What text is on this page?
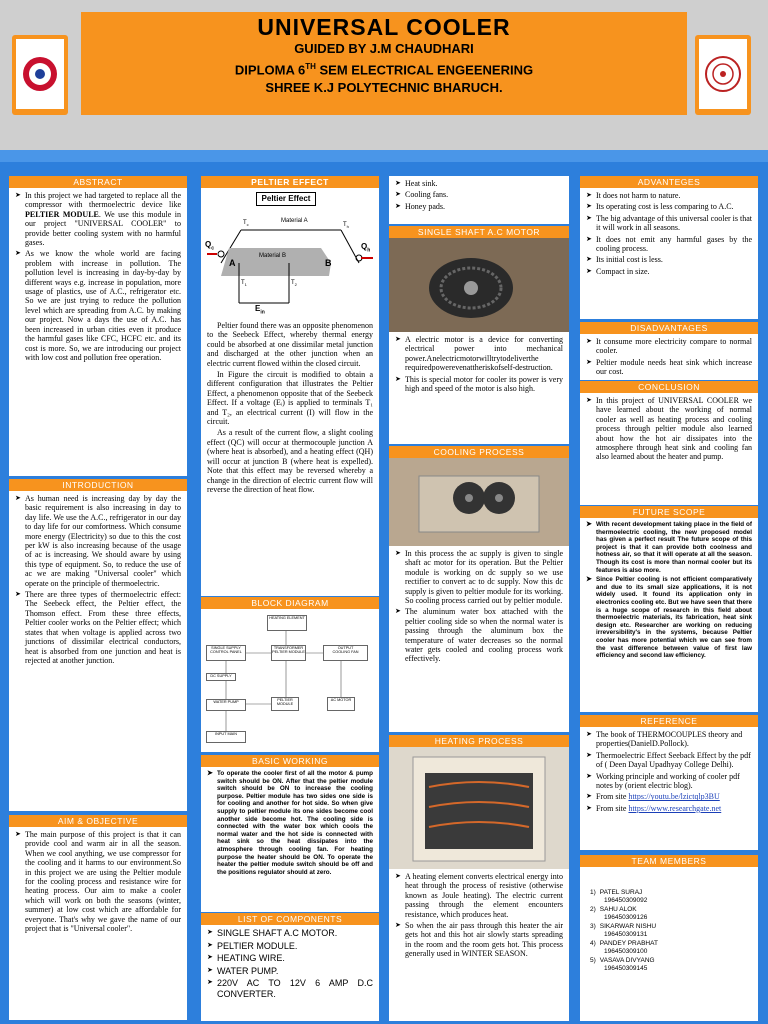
UNIVERSAL COOLER
GUIDED BY J.M CHAUDHARI
DIPLOMA 6TH SEM ELECTRICAL ENGEENERING
SHREE K.J POLYTECHNIC BHARUCH.
ABSTRACT
➤ In this project we had targeted to replace all the compressor with thermoelectric device like PELTIER MODULE. We use this module in our project "UNIVERSAL COOLER" to provide better cooling system with no harmful gases.
➤ As we know the whole world are facing problem with increase in pollution. The pollution level is increasing in day-by-day by different ways e.g. increase in population, more usage of plastics, use of A.C., refrigerator etc. So we are just trying to reduce the pollution level which are spreading from A.C. by making our project. Now a days the use of A.C. has been increased in urban cities even it produce the harmful gases like CFC, HCFC etc. and its cost is more. So, we are introducing our project with low cost and pollution free operation.
INTRODUCTION
➤ As human need is increasing day by day the basic requirement is also increasing in day to day life. We use the A.C., refrigerator in our day to day life for our comfortness. Which consume more energy (Electricity) so due to this the cost per kW is also increasing because of the usage of ac is increasing. We should aware by using this type of equipment. So, to reduce the use of ac we are making "Universal cooler" which operate on the principle of thermoelectric.
➤ There are three types of thermoelectric effect: The Seebeck effect, the Peltier effect, the Thomson effect. From these three effects, Peltier cooler works on the Peltier effect; which states that when voltage is applied across two junctions of dissimilar electrical conductors, heat is absorbed from one junction and heat is rejected at another junction.
AIM & OBJECTIVE
➤ The main purpose of this project is that it can provide cool and warm air in all the season. When we cool anything, we use compressor for the cooling and it harms to our environment.So in this project we are using the Peltier module for the cooling process and resistance wire for heating process. Our aim to make a cooler which will work on both the seasons (winter, summer) at low cost which are affordable for everyone. That's why we gave the name of our project that is "Universal cooler".
PELTIER EFFECT
Peltier Effect
Material A
Material B
$Q_c$	$Q_h$
$T_c$	$T_h$
A	B
$T_1$	$T_2$
$E_{in}$

Peltier found there was an opposite phenomenon to the Seebeck Effect, whereby thermal energy could be absorbed at one dissimilar metal junction and discharged at the other junction when an electric current flowed within the closed circuit.

In Figure the circuit is modified to obtain a different configuration that illustrates the Peltier Effect, a phenomenon opposite that of the Seebeck Effect. If a voltage (Eᵢ) is applied to terminals T₁ and T₂, an electrical current (I) will flow in the circuit.

As a result of the current flow, a slight cooling effect (QC) will occur at thermocouple junction A (where heat is absorbed), and a heating effect (QH) will occur at junction B (where heat is expelled). Note that this effect may be reversed whereby a change in the direction of electric current flow will reverse the direction of heat flow.

BLOCK DIAGRAM
HEATING ELEMENT
SINGLE SUPPLY CONTROL PANEL
TRANSFORMER
PELTIER MODULE
OUTPUT
COOLING FAN
DC SUPPLY
WATER PUMP	PELTIER MODULE
AC MOTOR
INPUT MAIN
BASIC WORKING
➤ To operate the cooler first of all the motor & pump switch should be ON. After that the peltier module switch should be ON to increase the cooling purpose. Peltier module has two sides one side is for cooling and another for hot side. So when give supply to peltier module its one sides become cool another side become hot. The cooling side is connected with the water box which cools the normal water and the hot side is connected with heat sink so the heat dissipates into the atmosphere through cooling fan. For heating purpose the heater should be ON. To operate the heater the peltier module switch should be off and the positions regulator should at zero.
LIST OF COMPONENTS
➤ SINGLE SHAFT A.C MOTOR.
➤ PELTIER MODULE.
➤ HEATING WIRE.
➤ WATER PUMP.
➤ 220V AC TO 12V 6 AMP D.C CONVERTER.
➤ Heat sink.
➤ Cooling fans.
➤ Honey pads.
SINGLE SHAFT A.C MOTOR
➤ A electric motor is a device for converting electrical power into mechanical power.Anelectricmotorwilltrytodeliverthe requiredpowerevenattheriskofself-destruction.
➤ This is special motor for cooler its power is very high and speed of the motor is also high.
COOLING PROCESS
➤ In this process the ac supply is given to single shaft ac motor for its operation. But the Peltier module is working on dc supply so we use rectifier to convert ac to dc supply. Now this dc supply is given to peltier module for its working. So cooling process carried out by peltier module.
➤ The aluminum water box attached with the peltier cooling side so when the normal water is passing through the aluminum box the temperature of water decreases so the normal water gets cooled and cooling process work effectively.
HEATING PROCESS
➤ A heating element converts electrical energy into heat through the process of resistive (otherwise known as Joule heating). The electric current passing through the element encounters resistance, which produces heat.
➤ So when the air pass through this heater the air gets hot and this hot air slowly starts spreading in the room and the room gets hot. This process generally used in WINTER SEASON.
ADVANTEGES
➤ It does not harm to nature.
➤ Its operating cost is less comparing to A.C.
➤ The big advantage of this universal cooler is that it will work in all seasons.
➤ It does not emit any harmful gases by the cooling process.
➤ Its initial cost is less.
➤ Compact in size.
DISADVANTAGES
➤ It consume more electricity compare to normal cooler.
➤ Peltier module needs heat sink which increase our cost.
CONCLUSION
➤ In this project of UNIVERSAL COOLER we have learned about the working of normal cooler as well as heating process and cooling process through peltier module also learned about how the hot air dissipates into the atmosphere through heat sink and cooling fan also learned about the heater and pump.
FUTURE SCOPE
➤ With recent development taking place in the field of thermoelectric cooling, the new proposed model has given a perfect result The future scope of this project is that it can provide both coolness and hotness air, so that it will operate at all the season. Though its cost is more than normal cooler but its features is also more.
➤ Since Peltier cooling is not efficient comparatively and due to its small size applications, it is not widely used. It found its application only in electronics cooling etc. But we have seen that there is a huge scope of research in this field about thermoelectric materials, its fabrication, heat sink design etc. Researcher are working on reducing irreversibility's in the systems, because Peltier cooler has more potential which we can see from the vast difference between value of first law efficiency and second law efficiency.
REFERENCE
➤ The book of THERMOCOUPLES theory and properties(DanielD.Pollock).
➤ Thermoelectric Effect Seeback Effect by the pdf of ( Deen Dayal Upadhyay College Delhi).
➤ Working principle and working of cooler pdf notes by (orient electric blog).
➤ From site https://youtu.be/lzictqlp3BU
➤ From site https://www.researchgate.net
TEAM MEMBERS
1) PATEL SURAJ
196450309092
2) SAHU ALOK
196450309126
3) SIKARWAR NISHU
196450309131
4) PANDEY PRABHAT
196450309100
5) VASAVA DIVYANG
196450309145
